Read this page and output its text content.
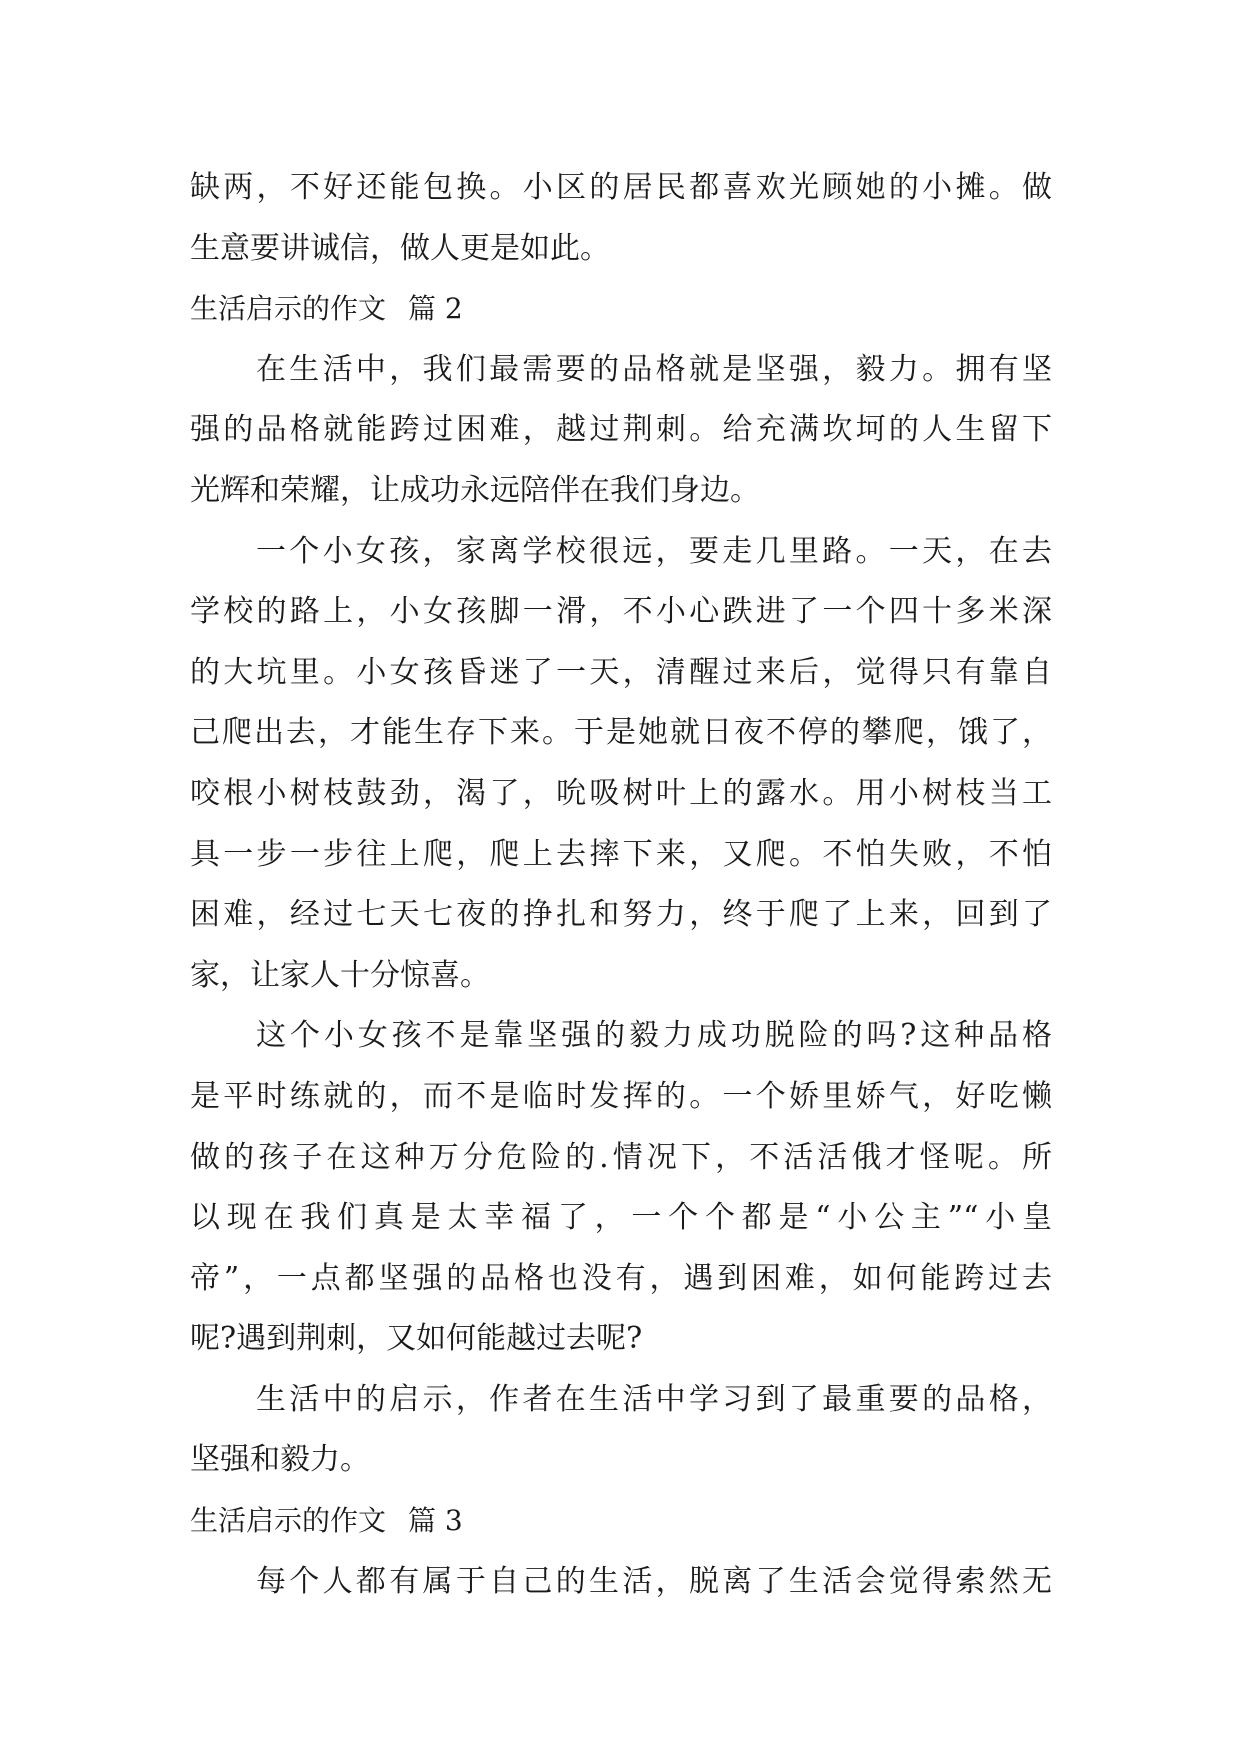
缺两，不好还能包换。小区的居民都喜欢光顾她的小摊。做
生意要讲诚信，做人更是如此。
生活启示的作文 篇 2
在生活中，我们最需要的品格就是坚强，毅力。拥有坚
强的品格就能跨过困难，越过荆刺。给充满坎坷的人生留下
光辉和荣耀，让成功永远陪伴在我们身边。
一个小女孩，家离学校很远，要走几里路。一天，在去
学校的路上，小女孩脚一滑，不小心跌进了一个四十多米深
的大坑里。小女孩昏迷了一天，清醒过来后，觉得只有靠自
己爬出去，才能生存下来。于是她就日夜不停的攀爬，饿了，
咬根小树枝鼓劲，渴了，吮吸树叶上的露水。用小树枝当工
具一步一步往上爬，爬上去摔下来，又爬。不怕失败，不怕
困难，经过七天七夜的挣扎和努力，终于爬了上来，回到了
家，让家人十分惊喜。
这个小女孩不是靠坚强的毅力成功脱险的吗?这种品格
是平时练就的，而不是临时发挥的。一个娇里娇气，好吃懒
做的孩子在这种万分危险的.情况下，不活活俄才怪呢。所
以现在我们真是太幸福了，一个个都是“小公主”“小皇
帝”，一点都坚强的品格也没有，遇到困难，如何能跨过去
呢?遇到荆刺，又如何能越过去呢?
生活中的启示，作者在生活中学习到了最重要的品格，
坚强和毅力。
生活启示的作文 篇 3
每个人都有属于自己的生活，脱离了生活会觉得索然无
